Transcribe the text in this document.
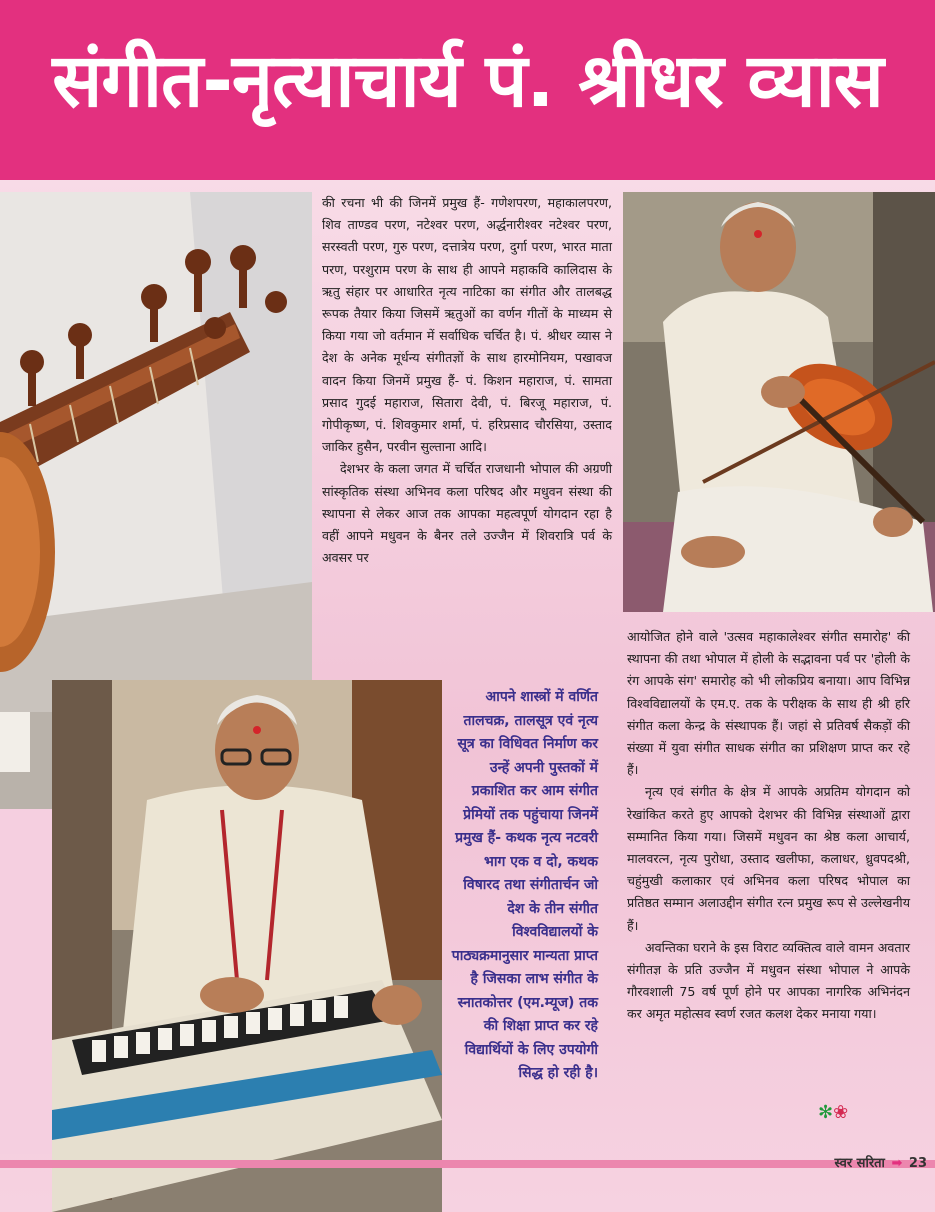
संगीत-नृत्याचार्य पं. श्रीधर व्यास

की रचना भी की जिनमें प्रमुख हैं- गणेशपरण, महाकालपरण, शिव ताण्डव परण, नटेश्वर परण, अर्द्धनारीश्वर नटेश्वर परण, सरस्वती परण, गुरु परण, दत्तात्रेय परण, दुर्गा परण, भारत माता परण, परशुराम परण के साथ ही आपने महाकवि कालिदास के ऋतु संहार पर आधारित नृत्य नाटिका का संगीत और तालबद्ध रूपक तैयार किया जिसमें ऋतुओं का वर्णन गीतों के माध्यम से किया गया जो वर्तमान में सर्वाधिक चर्चित है। पं. श्रीधर व्यास ने देश के अनेक मूर्धन्य संगीतज्ञों के साथ हारमोनियम, पखावज वादन किया जिनमें प्रमुख हैं- पं. किशन महाराज, पं. सामता प्रसाद गुदई महाराज, सितारा देवी, पं. बिरजू महाराज, पं. गोपीकृष्ण, पं. शिवकुमार शर्मा, पं. हरिप्रसाद चौरसिया, उस्ताद जाकिर हुसैन, परवीन सुल्ताना आदि।

देशभर के कला जगत में चर्चित राजधानी भोपाल की अग्रणी सांस्कृतिक संस्था अभिनव कला परिषद और मधुवन संस्था की स्थापना से लेकर आज तक आपका महत्वपूर्ण योगदान रहा है वहीं आपने मधुवन के बैनर तले उज्जैन में शिवरात्रि पर्व के अवसर पर

आयोजित होने वाले 'उत्सव महाकालेश्वर संगीत समारोह' की स्थापना की तथा भोपाल में होली के सद्भावना पर्व पर 'होली के रंग आपके संग' समारोह को भी लोकप्रिय बनाया। आप विभिन्न विश्वविद्यालयों के एम.ए. तक के परीक्षक के साथ ही श्री हरि संगीत कला केन्द्र के संस्थापक हैं। जहां से प्रतिवर्ष सैकड़ों की संख्या में युवा संगीत साधक संगीत का प्रशिक्षण प्राप्त कर रहे हैं।

नृत्य एवं संगीत के क्षेत्र में आपके अप्रतिम योगदान को रेखांकित करते हुए आपको देशभर की विभिन्न संस्थाओं द्वारा सम्मानित किया गया। जिसमें मधुवन का श्रेष्ठ कला आचार्य, मालवरत्न, नृत्य पुरोधा, उस्ताद खलीफा, कलाधर, ध्रुवपदश्री, चहुंमुखी कलाकार एवं अभिनव कला परिषद भोपाल का प्रतिष्ठत सम्मान अलाउद्दीन संगीत रत्न प्रमुख रूप से उल्लेखनीय हैं।

अवन्तिका घराने के इस विराट व्यक्तित्व वाले वामन अवतार संगीतज्ञ के प्रति उज्जैन में मधुवन संस्था भोपाल ने आपके गौरवशाली 75 वर्ष पूर्ण होने पर आपका नागरिक अभिनंदन कर अमृत महोत्सव स्वर्ण रजत कलश देकर मनाया गया।

✻❀
आपने शास्त्रों में वर्णित तालचक्र, तालसूत्र एवं नृत्य सूत्र का विधिवत निर्माण कर उन्हें अपनी पुस्तकों में प्रकाशित कर आम संगीत प्रेमियों तक पहुंचाया जिनमें प्रमुख हैं- कथक नृत्य नटवरी भाग एक व दो, कथक विषारद तथा संगीतार्चन जो देश के तीन संगीत विश्वविद्यालयों के पाठ्यक्रमानुसार मान्यता प्राप्त है जिसका लाभ संगीत के स्नातकोत्तर (एम.म्यूज) तक की शिक्षा प्राप्त कर रहे विद्यार्थियों के लिए उपयोगी सिद्ध हो रही है।
स्वर सरिता ➡ 23
